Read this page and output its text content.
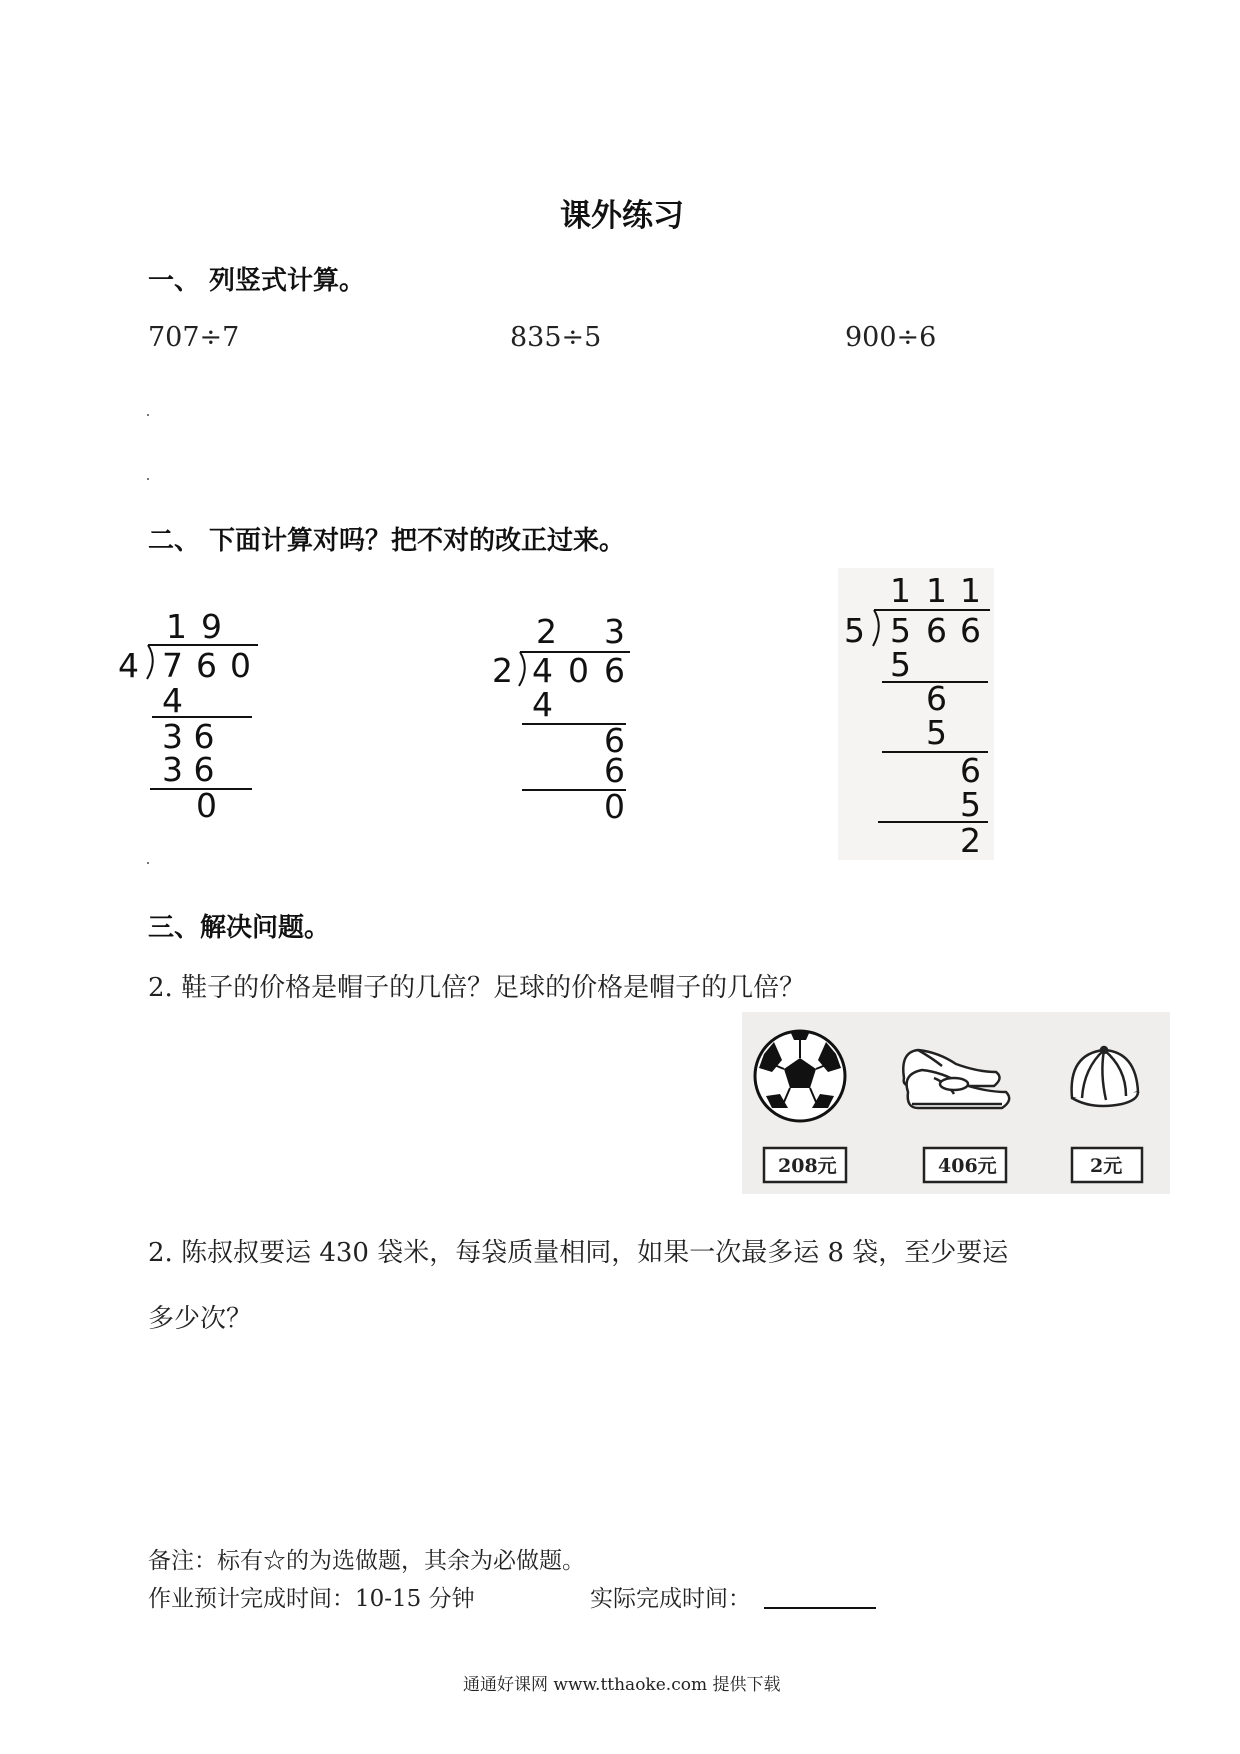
课外练习
一、 列竖式计算。
707÷7	835÷5	900÷6
二、 下面计算对吗？把不对的改正过来。
1 9
4 7 6 0
4
3 6
3 6
0
2 3
2 4 0 6
4
6
6
0
1 1 1
5 5 6 6
5
6
5
6
5
2
三、解决问题。
2. 鞋子的价格是帽子的几倍？足球的价格是帽子的几倍？
208元	406元	2元
2. 陈叔叔要运 430 袋米，每袋质量相同，如果一次最多运 8 袋，至少要运
多少次？
备注：标有☆的为选做题，其余为必做题。
作业预计完成时间：10-15 分钟	实际完成时间：
通通好课网 www.tthaoke.com 提供下载
